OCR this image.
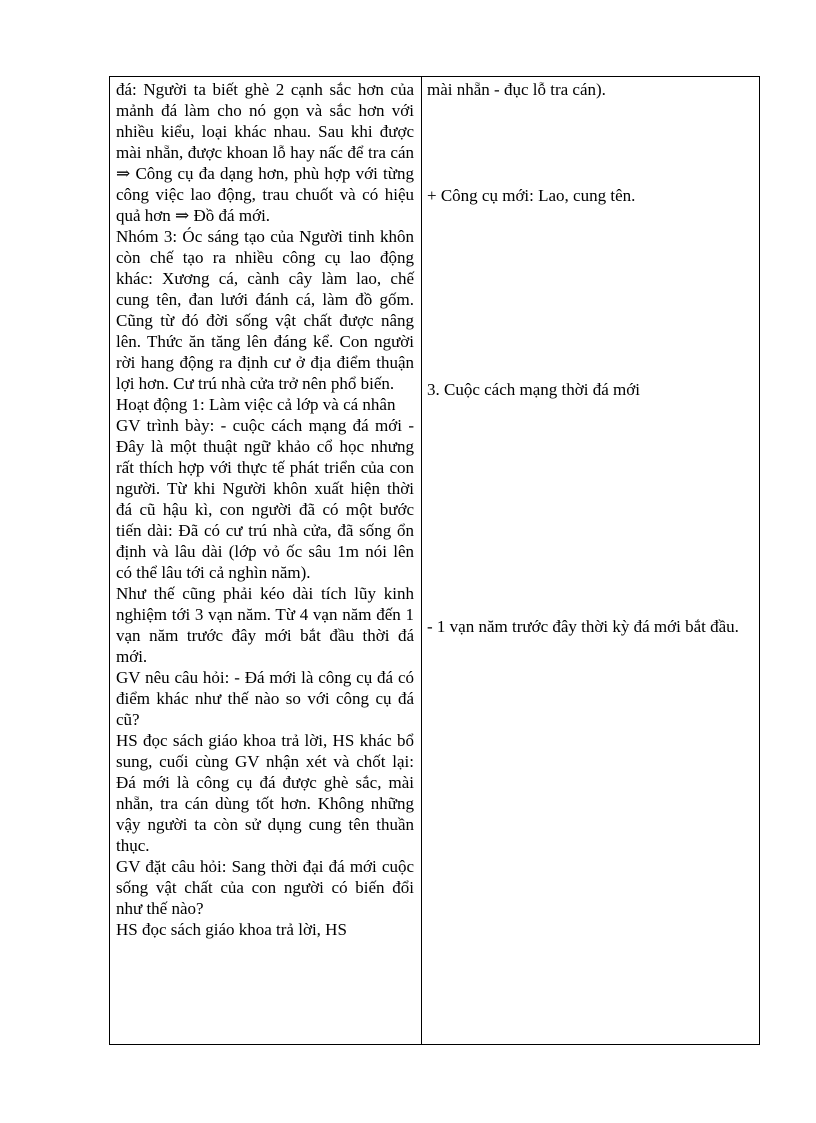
đá: Người ta biết ghè 2 cạnh sắc hơn của mảnh đá làm cho nó gọn và sắc hơn với nhiều kiểu, loại khác nhau. Sau khi được mài nhẵn, được khoan lỗ hay nấc để tra cán ⇒ Công cụ đa dạng hơn, phù hợp với từng công việc lao động, trau chuốt và có hiệu quả hơn ⇒ Đồ đá mới.

Nhóm 3: Óc sáng tạo của Người tinh khôn còn chế tạo ra nhiều công cụ lao động khác: Xương cá, cành cây làm lao, chế cung tên, đan lưới đánh cá, làm đồ gốm. Cũng từ đó đời sống vật chất được nâng lên. Thức ăn tăng lên đáng kể. Con người rời hang động ra định cư ở địa điểm thuận lợi hơn. Cư trú nhà cửa trở nên phổ biến.

Hoạt động 1: Làm việc cả lớp và cá nhân

GV trình bày: - cuộc cách mạng đá mới - Đây là một thuật ngữ khảo cổ học nhưng rất thích hợp với thực tế phát triển của con người. Từ khi Người khôn xuất hiện thời đá cũ hậu kì, con người đã có một bước tiến dài: Đã có cư trú nhà cửa, đã sống ổn định và lâu dài (lớp vỏ ốc sâu 1m nói lên có thể lâu tới cả nghìn năm).

Như thế cũng phải kéo dài tích lũy kinh nghiệm tới 3 vạn năm. Từ 4 vạn năm đến 1 vạn năm trước đây mới bắt đầu thời đá mới.

GV nêu câu hỏi: - Đá mới là công cụ đá có điểm khác như thế nào so với công cụ đá cũ?

HS đọc sách giáo khoa trả lời, HS khác bổ sung, cuối cùng GV nhận xét và chốt lại: Đá mới là công cụ đá được ghè sắc, mài nhẵn, tra cán dùng tốt hơn. Không những vậy người ta còn sử dụng cung tên thuần thục.

GV đặt câu hỏi: Sang thời đại đá mới cuộc sống vật chất của con người có biến đổi như thế nào?

HS đọc sách giáo khoa trả lời, HS

mài nhẵn - đục lỗ tra cán).

+ Công cụ mới: Lao, cung tên.

3. Cuộc cách mạng thời đá mới

- 1 vạn năm trước đây thời kỳ đá mới bắt đầu.
